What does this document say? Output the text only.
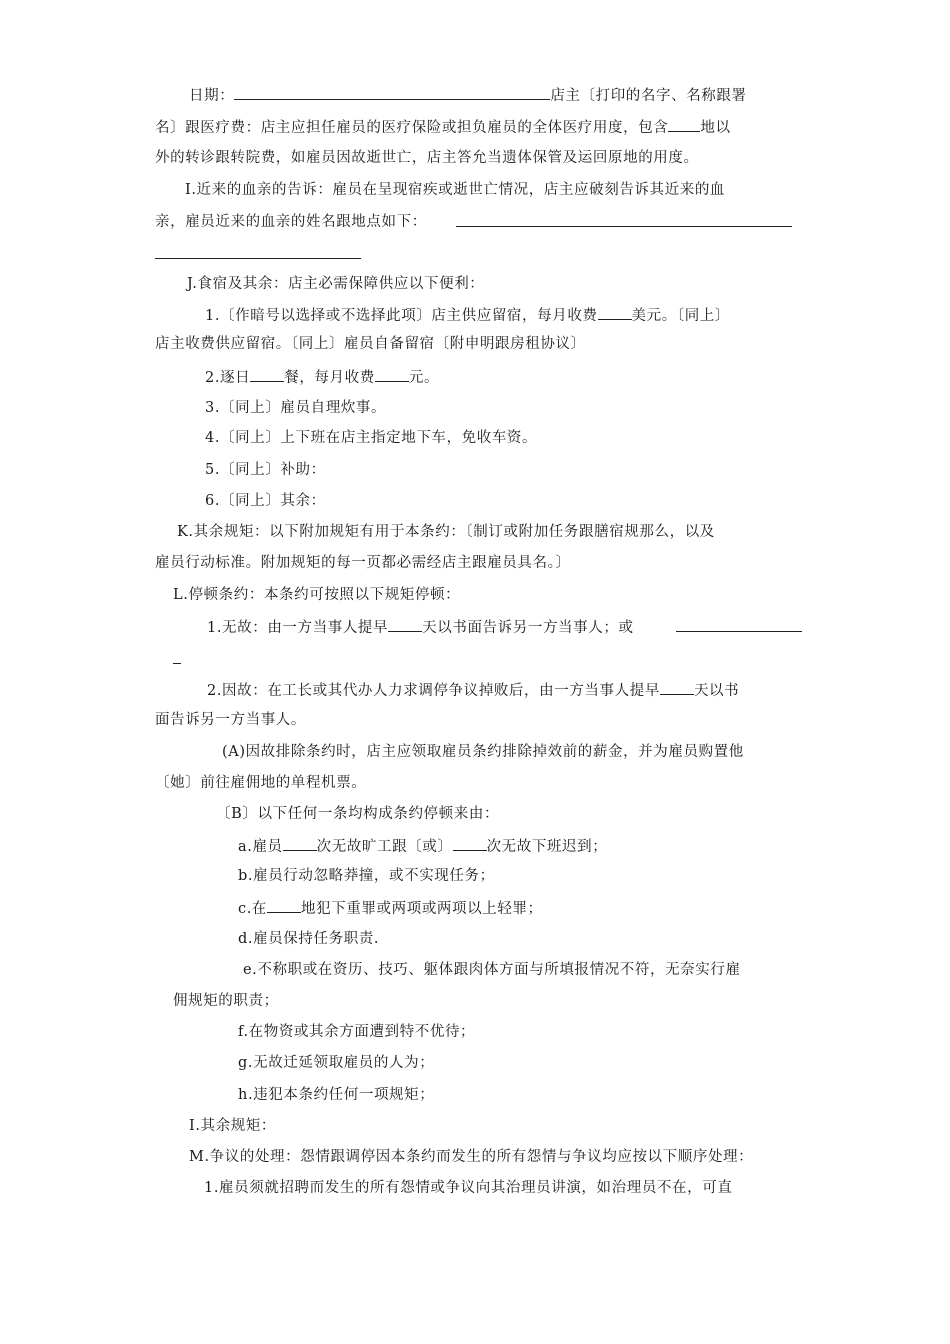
日期：	店主〔打印的名字、名称跟署
名〕跟医疗费：店主应担任雇员的医疗保险或担负雇员的全体医疗用度，包含 地以
外的转诊跟转院费，如雇员因故逝世亡，店主答允当遗体保管及运回原地的用度。
I.近来的血亲的告诉：雇员在呈现宿疾或逝世亡情况，店主应破刻告诉其近来的血
亲，雇员近来的血亲的姓名跟地点如下：
J.食宿及其余：店主必需保障供应以下便利：
1.〔作暗号以选择或不选择此项〕店主供应留宿，每月收费 美元。〔同上〕
店主收费供应留宿。〔同上〕雇员自备留宿〔附申明跟房租协议〕
2.逐日 餐，每月收费 元。
3.〔同上〕雇员自理炊事。
4.〔同上〕上下班在店主指定地下车，免收车资。
5.〔同上〕补助：
6.〔同上〕其余：
K.其余规矩：以下附加规矩有用于本条约：〔制订或附加任务跟膳宿规那么，以及
雇员行动标准。附加规矩的每一页都必需经店主跟雇员具名。〕
L.停顿条约：本条约可按照以下规矩停顿：
1.无故：由一方当事人提早 天以书面告诉另一方当事人；或
2.因故：在工长或其代办人力求调停争议掉败后，由一方当事人提早 天以书
面告诉另一方当事人。
(A)因故排除条约时，店主应领取雇员条约排除掉效前的薪金，并为雇员购置他
〔她〕前往雇佣地的单程机票。
〔B〕以下任何一条均构成条约停顿来由：
a.雇员 次无故旷工跟〔或〕 次无故下班迟到；
b.雇员行动忽略莽撞，或不实现任务；
c.在 地犯下重罪或两项或两项以上轻罪；
d.雇员保持任务职责.
e.不称职或在资历、技巧、躯体跟肉体方面与所填报情况不符，无奈实行雇
佣规矩的职责；
f.在物资或其余方面遭到特不优待；
g.无故迁延领取雇员的人为；
h.违犯本条约任何一项规矩；
I.其余规矩：
M.争议的处理：怨情跟调停因本条约而发生的所有怨情与争议均应按以下顺序处理：
1.雇员须就招聘而发生的所有怨情或争议向其治理员讲演，如治理员不在，可直
